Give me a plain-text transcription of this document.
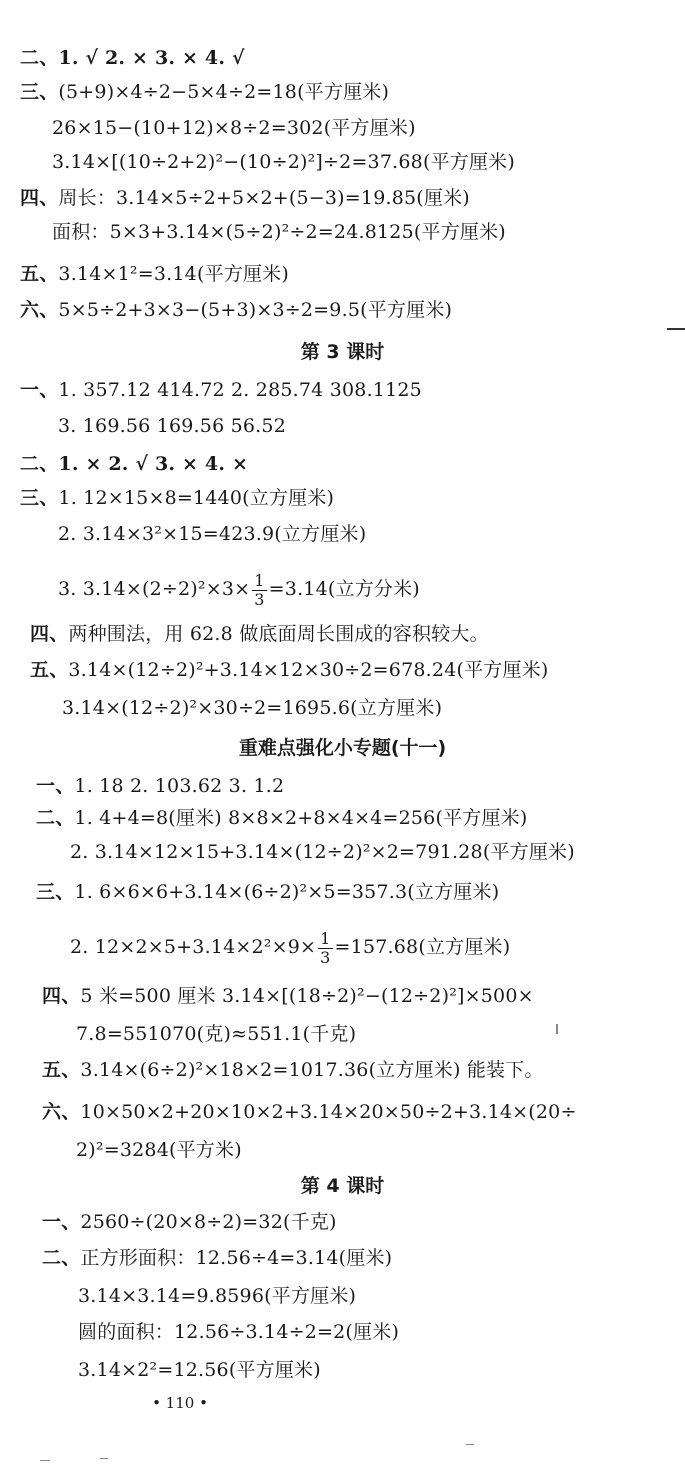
二、1. √ 2. × 3. × 4. √
三、(5+9)×4÷2−5×4÷2=18(平方厘米)
26×15−(10+12)×8÷2=302(平方厘米)
3.14×[(10÷2+2)²−(10÷2)²]÷2=37.68(平方厘米)
四、周长：3.14×5÷2+5×2+(5−3)=19.85(厘米)
面积：5×3+3.14×(5÷2)²÷2=24.8125(平方厘米)
五、3.14×1²=3.14(平方厘米)
六、5×5÷2+3×3−(5+3)×3÷2=9.5(平方厘米)
第 3 课时
一、1. 357.12 414.72 2. 285.74 308.1125
3. 169.56 169.56 56.52
二、1. × 2. √ 3. × 4. ×
三、1. 12×15×8=1440(立方厘米)
2. 3.14×3²×15=423.9(立方厘米)
3. $3.14\times(2\div 2)^2\times 3\times \frac{1}{3} =3.14$(立方分米)
四、两种围法，用 62.8 做底面周长围成的容积较大。
五、3.14×(12÷2)²+3.14×12×30÷2=678.24(平方厘米)
3.14×(12÷2)²×30÷2=1695.6(立方厘米)
重难点强化小专题(十一)
一、1. 18 2. 103.62 3. 1.2
二、1. 4+4=8(厘米) 8×8×2+8×4×4=256(平方厘米)
2. 3.14×12×15+3.14×(12÷2)²×2=791.28(平方厘米)
三、1. 6×6×6+3.14×(6÷2)²×5=357.3(立方厘米)
2. $12\times 2\times 5+3.14\times 2^2\times 9\times \frac{1}{3} =157.68$(立方厘米)
四、5 米=500 厘米 3.14×[(18÷2)²−(12÷2)²]×500×
7.8=551070(克)≈551.1(千克)
五、3.14×(6÷2)²×18×2=1017.36(立方厘米) 能装下。
六、10×50×2+20×10×2+3.14×20×50÷2+3.14×(20÷
2)²=3284(平方米)
第 4 课时
一、2560÷(20×8÷2)=32(千克)
二、正方形面积：12.56÷4=3.14(厘米)
3.14×3.14=9.8596(平方厘米)
圆的面积：12.56÷3.14÷2=2(厘米)
3.14×2²=12.56(平方厘米)
• 110 •
